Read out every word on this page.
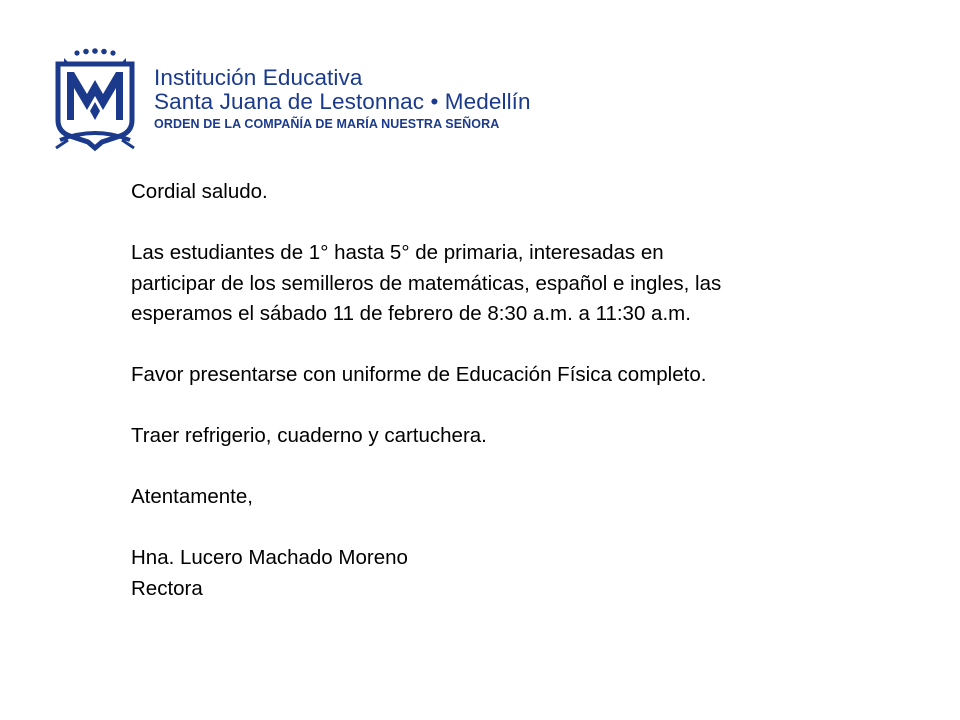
Institución Educativa
Santa Juana de Lestonnac • Medellín
ORDEN DE LA COMPAÑÍA DE MARÍA NUESTRA SEÑORA

Cordial saludo.

Las estudiantes de 1° hasta 5° de primaria, interesadas en

participar de los semilleros de matemáticas, español e ingles, las

esperamos el sábado 11 de febrero de 8:30 a.m. a 11:30 a.m.

Favor presentarse con uniforme de Educación Física completo.

Traer refrigerio, cuaderno y cartuchera.

Atentamente,

Hna. Lucero Machado Moreno

Rectora
